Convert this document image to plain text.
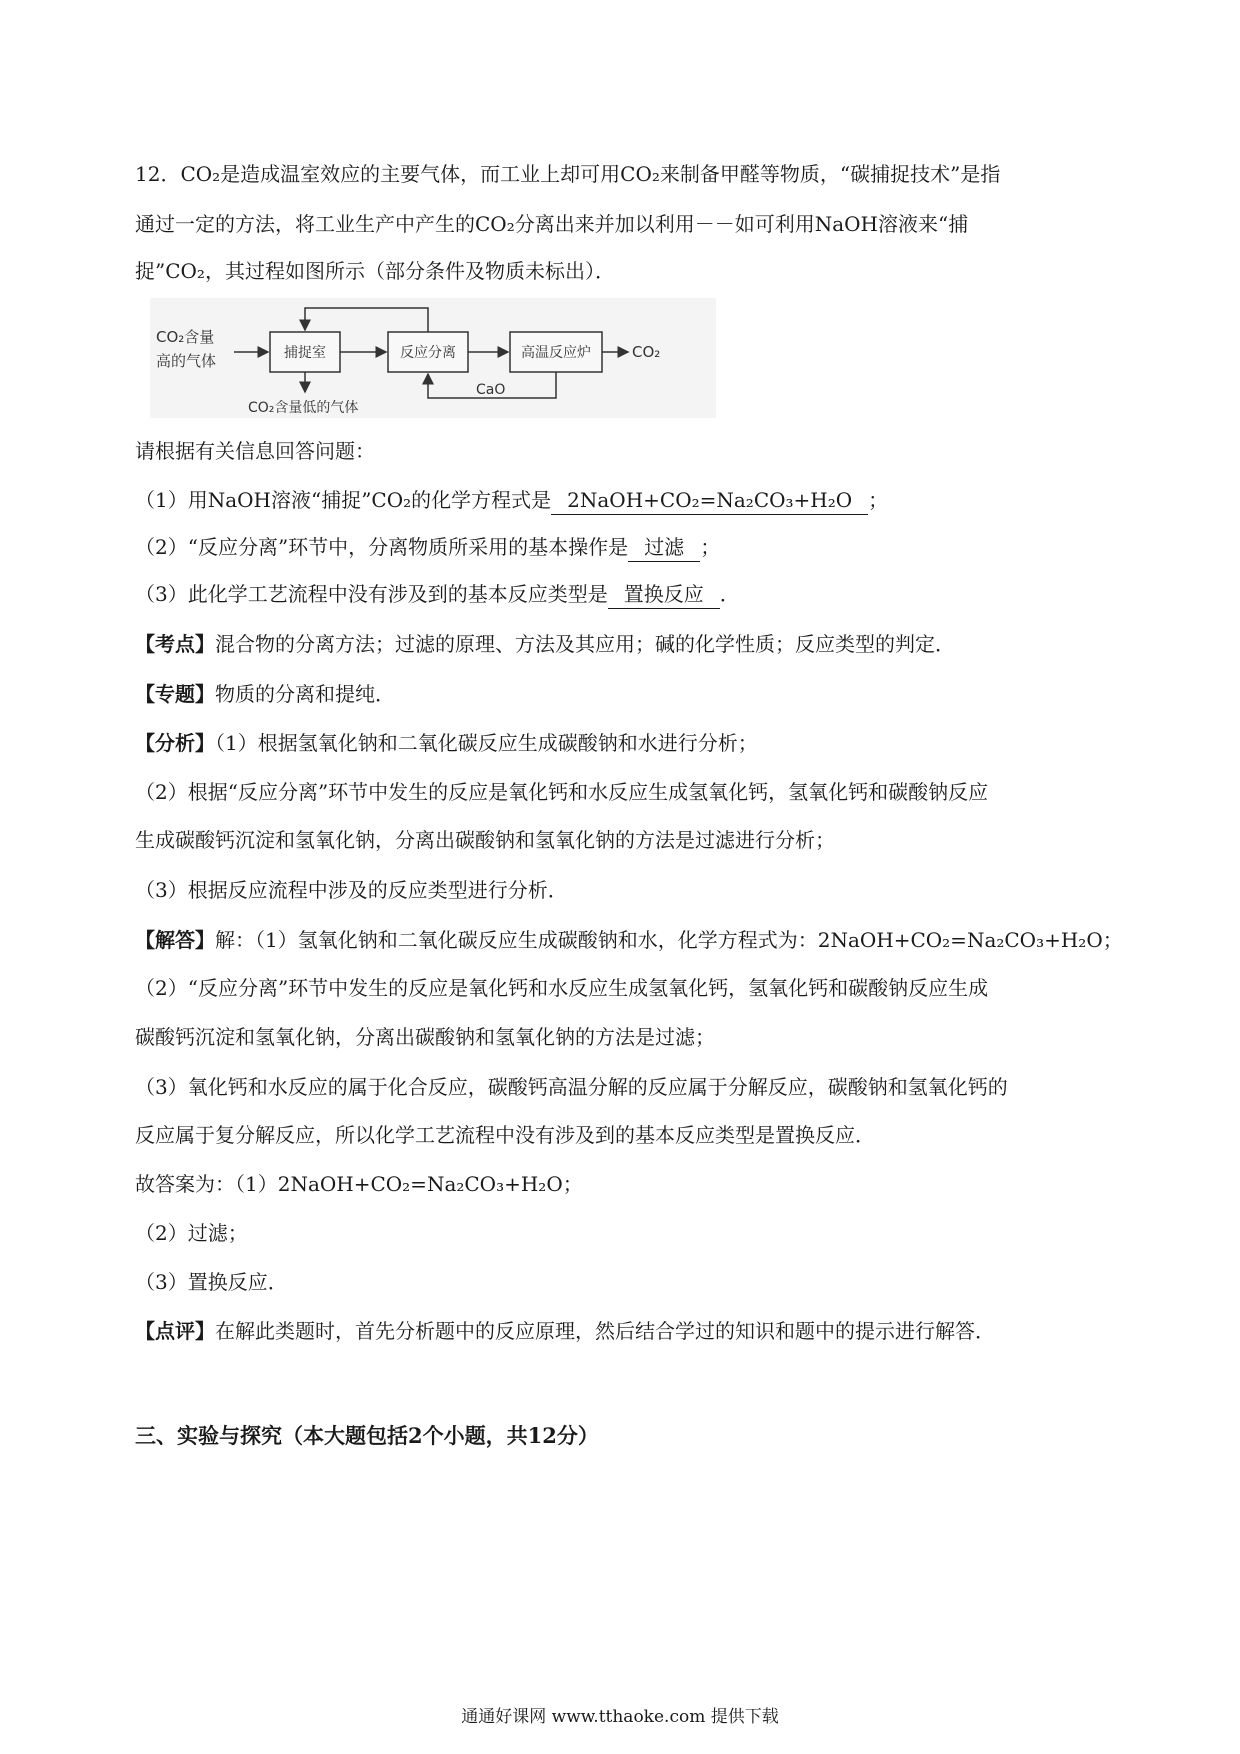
12．CO₂是造成温室效应的主要气体，而工业上却可用CO₂来制备甲醛等物质，“碳捕捉技术”是指
通过一定的方法，将工业生产中产生的CO₂分离出来并加以利用－－如可利用NaOH溶液来“捕
捉”CO₂，其过程如图所示（部分条件及物质未标出）．
CO₂含量
高的气体	捕捉室	反应分离	高温反应炉	CO₂
CaO
CO₂含量低的气体
请根据有关信息回答问题：
（1）用NaOH溶液“捕捉”CO₂的化学方程式是 2NaOH+CO₂=Na₂CO₃+H₂O ；
（2）“反应分离”环节中，分离物质所采用的基本操作是 过滤 ；
（3）此化学工艺流程中没有涉及到的基本反应类型是 置换反应 ．
【考点】混合物的分离方法；过滤的原理、方法及其应用；碱的化学性质；反应类型的判定．
【专题】物质的分离和提纯．
【分析】（1）根据氢氧化钠和二氧化碳反应生成碳酸钠和水进行分析；
（2）根据“反应分离”环节中发生的反应是氧化钙和水反应生成氢氧化钙，氢氧化钙和碳酸钠反应
生成碳酸钙沉淀和氢氧化钠，分离出碳酸钠和氢氧化钠的方法是过滤进行分析；
（3）根据反应流程中涉及的反应类型进行分析．
【解答】解：（1）氢氧化钠和二氧化碳反应生成碳酸钠和水，化学方程式为：2NaOH+CO₂=Na₂CO₃+H₂O；
（2）“反应分离”环节中发生的反应是氧化钙和水反应生成氢氧化钙，氢氧化钙和碳酸钠反应生成
碳酸钙沉淀和氢氧化钠，分离出碳酸钠和氢氧化钠的方法是过滤；
（3）氧化钙和水反应的属于化合反应，碳酸钙高温分解的反应属于分解反应，碳酸钠和氢氧化钙的
反应属于复分解反应，所以化学工艺流程中没有涉及到的基本反应类型是置换反应．
故答案为：（1）2NaOH+CO₂=Na₂CO₃+H₂O；
（2）过滤；
（3）置换反应．
【点评】在解此类题时，首先分析题中的反应原理，然后结合学过的知识和题中的提示进行解答．
三、实验与探究（本大题包括2个小题，共12分）
通通好课网 www.tthaoke.com 提供下载
